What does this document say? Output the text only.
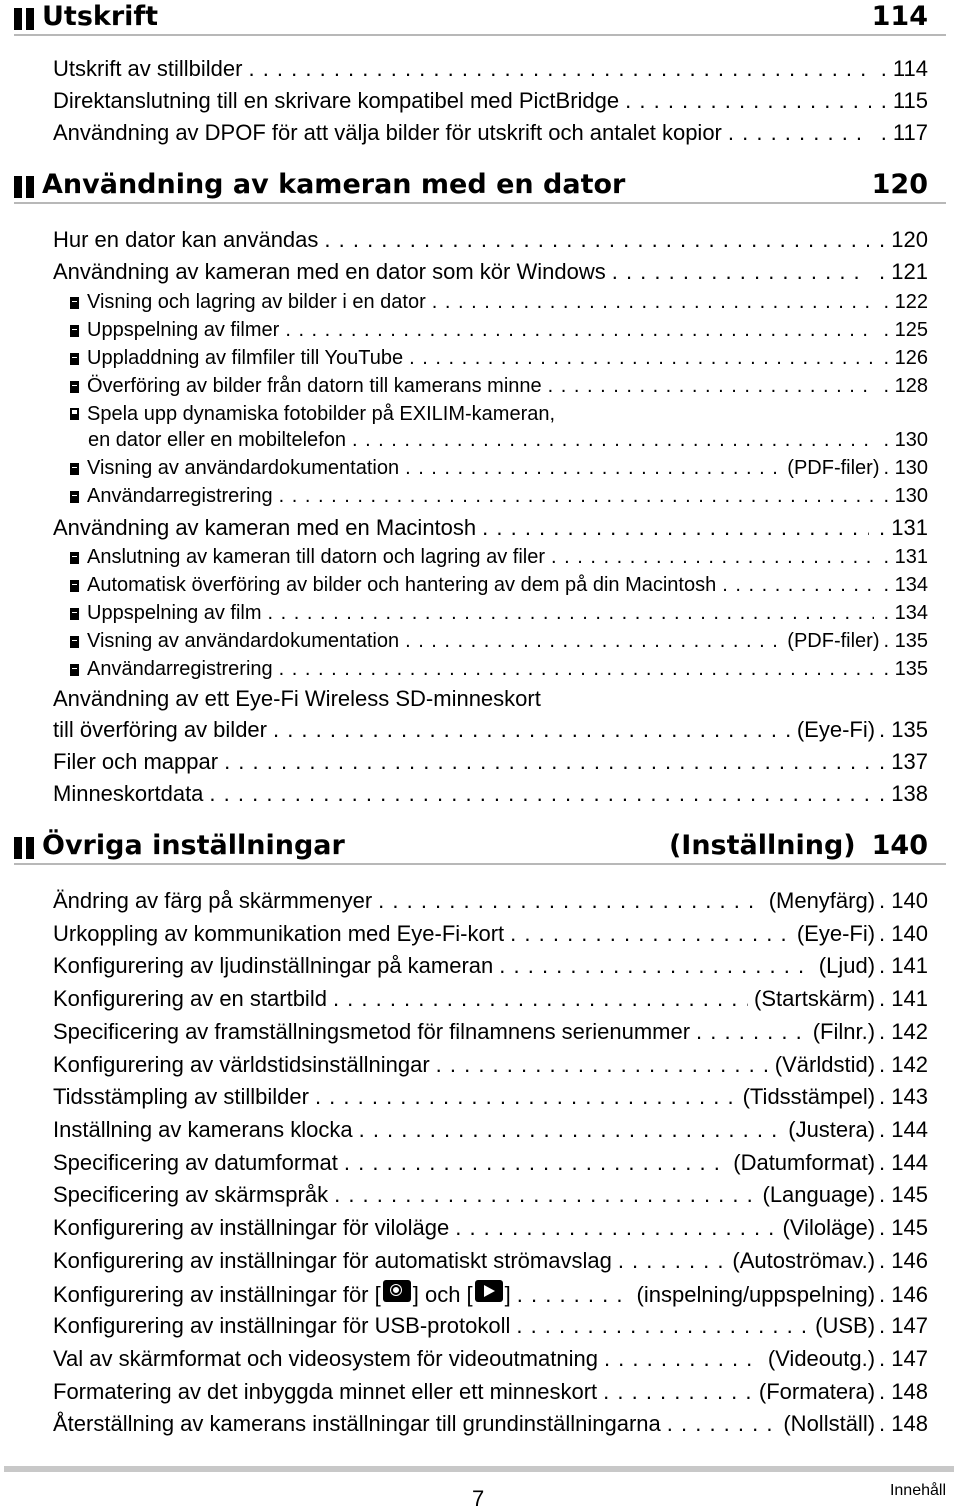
Utskrift	114
Utskrift av stillbilder . . .	. 114
Direktanslutning till en skrivare kompatibel med PictBridge . . .	. 115
Användning av DPOF för att välja bilder för utskrift och antalet kopior . . .	. 117
Användning av kameran med en dator	120
Hur en dator kan användas . . .	. 120
Användning av kameran med en dator som kör Windows . . .	. 121
Visning och lagring av bilder i en dator . . .	. 122
Uppspelning av filmer . . .	. 125
Uppladdning av filmfiler till YouTube . . .	. 126
Överföring av bilder från datorn till kamerans minne . . .	. 128
Spela upp dynamiska fotobilder på EXILIM-kameran,
en dator eller en mobiltelefon . . .	. 130
Visning av användardokumentation . . .	(PDF-filer) . 130
Användarregistrering . . .	. 130
Användning av kameran med en Macintosh . . .	. 131
Anslutning av kameran till datorn och lagring av filer . . .	. 131
Automatisk överföring av bilder och hantering av dem på din Macintosh . . .	. 134
Uppspelning av film . . .	. 134
Visning av användardokumentation . . .	(PDF-filer) . 135
Användarregistrering . . .	. 135
Användning av ett Eye-Fi Wireless SD-minneskort
till överföring av bilder . . .	(Eye-Fi) . 135
Filer och mappar . . .	. 137
Minneskortdata . . .	. 138
Övriga inställningar	(Inställning) 140
Ändring av färg på skärmmenyer . . .	(Menyfärg) . 140
Urkoppling av kommunikation med Eye-Fi-kort . . .	(Eye-Fi) . 140
Konfigurering av ljudinställningar på kameran . . .	(Ljud) . 141
Konfigurering av en startbild . . .	(Startskärm) . 141
Specificering av framställningsmetod för filnamnens serienummer . . .	(Filnr.) . 142
Konfigurering av världstidsinställningar . . .	(Världstid) . 142
Tidsstämpling av stillbilder . . .	(Tidsstämpel) . 143
Inställning av kamerans klocka . . .	(Justera) . 144
Specificering av datumformat . . .	(Datumformat) . 144
Specificering av skärmspråk . . .	(Language) . 145
Konfigurering av inställningar för viloläge . . .	(Viloläge) . 145
Konfigurering av inställningar för automatiskt strömavslag . . .	(Autoströmav.) . 146
Konfigurering av inställningar för [ ] och [ ] . . .	(inspelning/uppspelning) . 146
Konfigurering av inställningar för USB-protokoll . . .	(USB) . 147
Val av skärmformat och videosystem för videoutmatning . . .	(Videoutg.) . 147
Formatering av det inbyggda minnet eller ett minneskort . . .	(Formatera) . 148
Återställning av kamerans inställningar till grundinställningarna . . .	(Nollställ) . 148
7	Innehåll
